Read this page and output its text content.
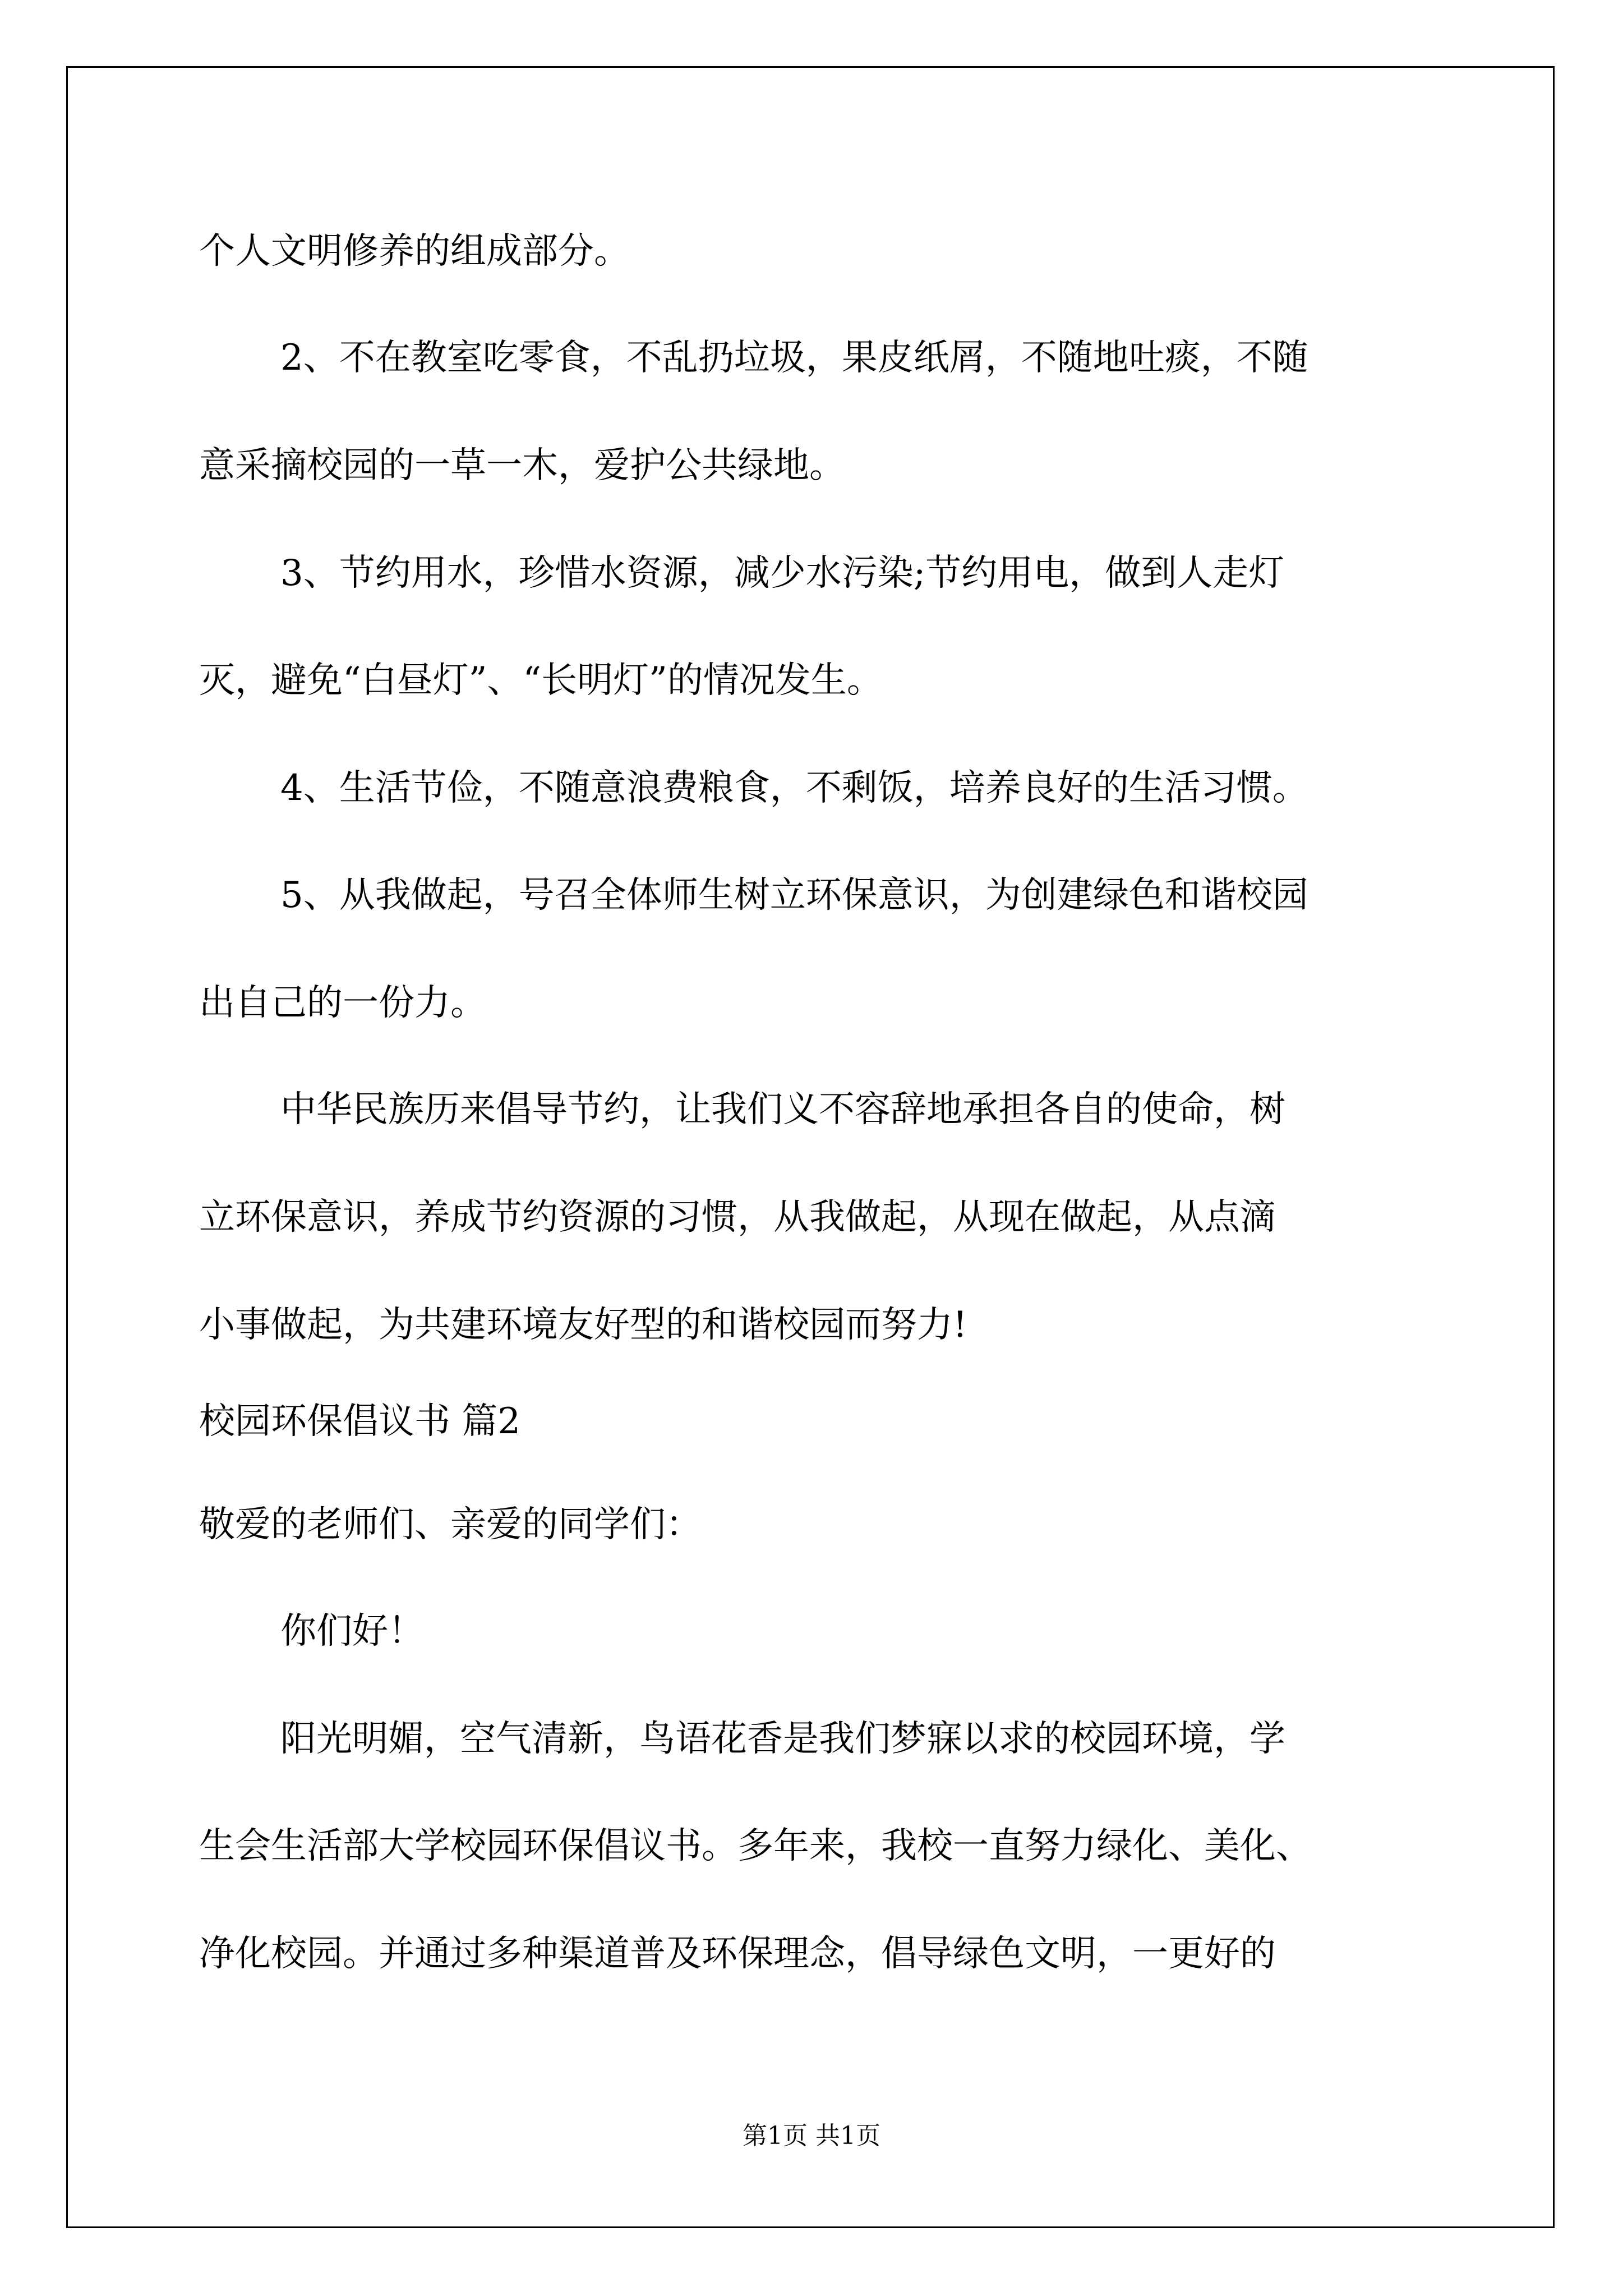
个人文明修养的组成部分。
2、不在教室吃零食，不乱扔垃圾，果皮纸屑，不随地吐痰，不随
意采摘校园的一草一木，爱护公共绿地。
3、节约用水，珍惜水资源，减少水污染;节约用电，做到人走灯
灭，避免“白昼灯”、“长明灯”的情况发生。
4、生活节俭，不随意浪费粮食，不剩饭，培养良好的生活习惯。
5、从我做起，号召全体师生树立环保意识，为创建绿色和谐校园
出自己的一份力。
中华民族历来倡导节约，让我们义不容辞地承担各自的使命，树
立环保意识，养成节约资源的习惯，从我做起，从现在做起，从点滴
小事做起，为共建环境友好型的和谐校园而努力!
校园环保倡议书 篇2
敬爱的老师们、亲爱的同学们：
你们好！
阳光明媚，空气清新，鸟语花香是我们梦寐以求的校园环境，学
生会生活部大学校园环保倡议书。多年来，我校一直努力绿化、美化、
净化校园。并通过多种渠道普及环保理念，倡导绿色文明，一更好的
第1页 共1页
